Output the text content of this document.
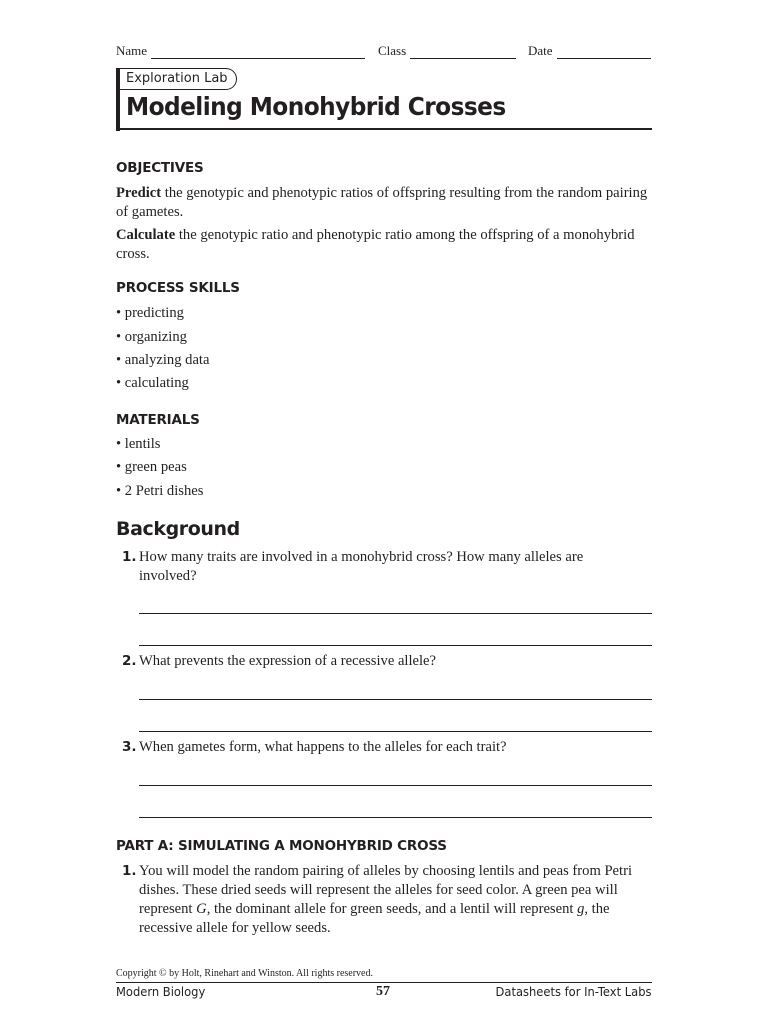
Name	Class	Date
Exploration Lab
Modeling Monohybrid Crosses
OBJECTIVES
Predict the genotypic and phenotypic ratios of offspring resulting from the random pairing of gametes.
Calculate the genotypic ratio and phenotypic ratio among the offspring of a monohybrid cross.
PROCESS SKILLS
• predicting
• organizing
• analyzing data
• calculating
MATERIALS
• lentils
• green peas
• 2 Petri dishes
Background
1. How many traits are involved in a monohybrid cross? How many alleles are involved?
2. What prevents the expression of a recessive allele?
3. When gametes form, what happens to the alleles for each trait?
PART A: SIMULATING A MONOHYBRID CROSS
1. You will model the random pairing of alleles by choosing lentils and peas from Petri dishes. These dried seeds will represent the alleles for seed color. A green pea will represent G, the dominant allele for green seeds, and a lentil will represent g, the recessive allele for yellow seeds.
Copyright © by Holt, Rinehart and Winston. All rights reserved.
Modern Biology	57	Datasheets for In-Text Labs
